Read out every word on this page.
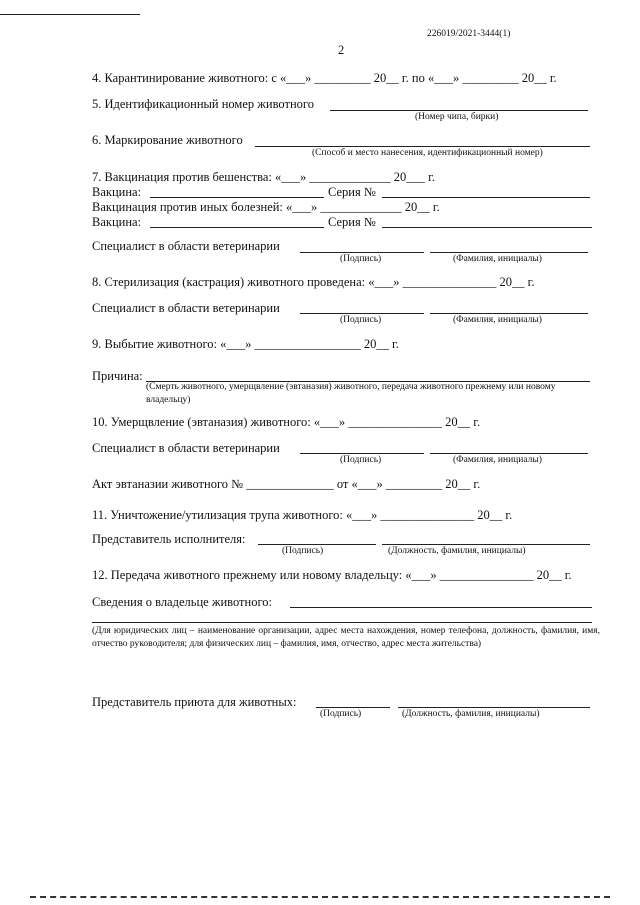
226019/2021-3444(1)
2
4. Карантинирование животного: с «___» _________ 20__ г. по «___» _________ 20__ г.
5. Идентификационный номер животного
(Номер чипа, бирки)
6. Маркирование животного
(Способ и место нанесения, идентификационный номер)
7. Вакцинация против бешенства: «___» _____________ 20___ г.
Вакцина:	Серия №
Вакцинация против иных болезней: «___» _____________ 20__ г.
Вакцина:	Серия №
Специалист в области ветеринарии
(Подпись)	(Фамилия, инициалы)
8. Стерилизация (кастрация) животного проведена: «___» _______________ 20__ г.
Специалист в области ветеринарии
(Подпись)	(Фамилия, инициалы)
9. Выбытие животного: «___» _________________ 20__ г.
Причина:
(Смерть животного, умерщвление (эвтаназия) животного, передача животного прежнему или новому владельцу)
10. Умерщвление (эвтаназия) животного: «___» _______________ 20__ г.
Специалист в области ветеринарии
(Подпись)	(Фамилия, инициалы)
Акт эвтаназии животного № ______________ от «___» _________ 20__ г.
11. Уничтожение/утилизация трупа животного: «___» _______________ 20__ г.
Представитель исполнителя:
(Подпись)	(Должность, фамилия, инициалы)
12. Передача животного прежнему или новому владельцу: «___» _______________ 20__ г.
Сведения о владельце животного:
(Для юридических лиц – наименование организации, адрес места нахождения, номер телефона, должность, фамилия, имя, отчество руководителя; для физических лиц – фамилия, имя, отчество, адрес места жительства)
Представитель приюта для животных:
(Подпись)	(Должность, фамилия, инициалы)
